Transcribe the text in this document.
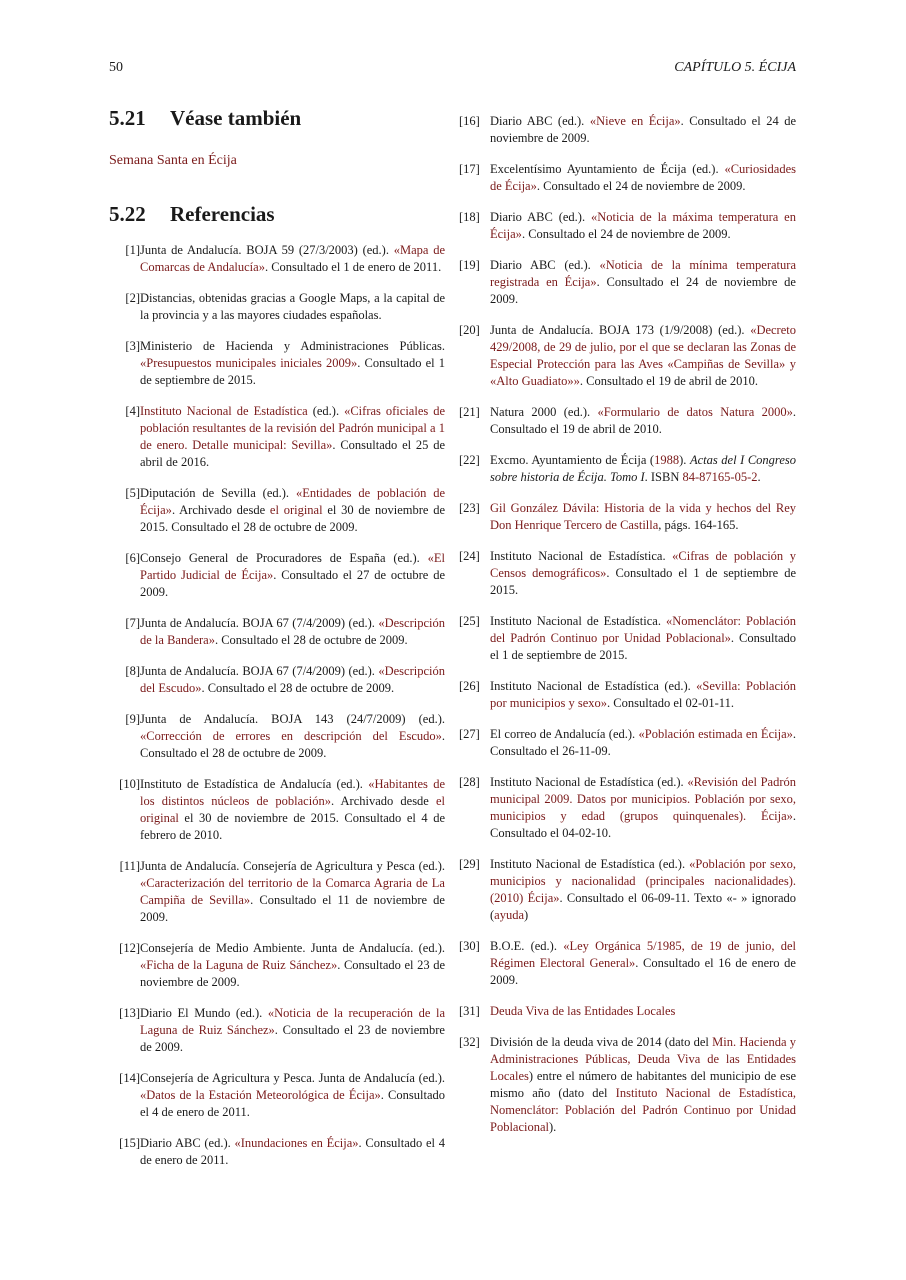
50	CAPÍTULO 5. ÉCIJA
5.21 Véase también
Semana Santa en Écija
5.22 Referencias
[1] Junta de Andalucía. BOJA 59 (27/3/2003) (ed.). «Mapa de Comarcas de Andalucía». Consultado el 1 de enero de 2011.
[2] Distancias, obtenidas gracias a Google Maps, a la capital de la provincia y a las mayores ciudades españolas.
[3] Ministerio de Hacienda y Administraciones Públicas. «Presupuestos municipales iniciales 2009». Consultado el 1 de septiembre de 2015.
[4] Instituto Nacional de Estadística (ed.). «Cifras oficiales de población resultantes de la revisión del Padrón municipal a 1 de enero. Detalle municipal: Sevilla». Consultado el 25 de abril de 2016.
[5] Diputación de Sevilla (ed.). «Entidades de población de Écija». Archivado desde el original el 30 de noviembre de 2015. Consultado el 28 de octubre de 2009.
[6] Consejo General de Procuradores de España (ed.). «El Partido Judicial de Écija». Consultado el 27 de octubre de 2009.
[7] Junta de Andalucía. BOJA 67 (7/4/2009) (ed.). «Descripción de la Bandera». Consultado el 28 de octubre de 2009.
[8] Junta de Andalucía. BOJA 67 (7/4/2009) (ed.). «Descripción del Escudo». Consultado el 28 de octubre de 2009.
[9] Junta de Andalucía. BOJA 143 (24/7/2009) (ed.). «Corrección de errores en descripción del Escudo». Consultado el 28 de octubre de 2009.
[10] Instituto de Estadística de Andalucía (ed.). «Habitantes de los distintos núcleos de población». Archivado desde el original el 30 de noviembre de 2015. Consultado el 4 de febrero de 2010.
[11] Junta de Andalucía. Consejería de Agricultura y Pesca (ed.). «Caracterización del territorio de la Comarca Agraria de La Campiña de Sevilla». Consultado el 11 de noviembre de 2009.
[12] Consejería de Medio Ambiente. Junta de Andalucía. (ed.). «Ficha de la Laguna de Ruiz Sánchez». Consultado el 23 de noviembre de 2009.
[13] Diario El Mundo (ed.). «Noticia de la recuperación de la Laguna de Ruiz Sánchez». Consultado el 23 de noviembre de 2009.
[14] Consejería de Agricultura y Pesca. Junta de Andalucía (ed.). «Datos de la Estación Meteorológica de Écija». Consultado el 4 de enero de 2011.
[15] Diario ABC (ed.). «Inundaciones en Écija». Consultado el 4 de enero de 2011.
[16] Diario ABC (ed.). «Nieve en Écija». Consultado el 24 de noviembre de 2009.
[17] Excelentísimo Ayuntamiento de Écija (ed.). «Curiosidades de Écija». Consultado el 24 de noviembre de 2009.
[18] Diario ABC (ed.). «Noticia de la máxima temperatura en Écija». Consultado el 24 de noviembre de 2009.
[19] Diario ABC (ed.). «Noticia de la mínima temperatura registrada en Écija». Consultado el 24 de noviembre de 2009.
[20] Junta de Andalucía. BOJA 173 (1/9/2008) (ed.). «Decreto 429/2008, de 29 de julio, por el que se declaran las Zonas de Especial Protección para las Aves «Campiñas de Sevilla» y «Alto Guadiato»». Consultado el 19 de abril de 2010.
[21] Natura 2000 (ed.). «Formulario de datos Natura 2000». Consultado el 19 de abril de 2010.
[22] Excmo. Ayuntamiento de Écija (1988). Actas del I Congreso sobre historia de Écija. Tomo I. ISBN 84-87165-05-2.
[23] Gil González Dávila: Historia de la vida y hechos del Rey Don Henrique Tercero de Castilla, págs. 164-165.
[24] Instituto Nacional de Estadística. «Cifras de población y Censos demográficos». Consultado el 1 de septiembre de 2015.
[25] Instituto Nacional de Estadística. «Nomenclátor: Población del Padrón Continuo por Unidad Poblacional». Consultado el 1 de septiembre de 2015.
[26] Instituto Nacional de Estadística (ed.). «Sevilla: Población por municipios y sexo». Consultado el 02-01-11.
[27] El correo de Andalucía (ed.). «Población estimada en Écija». Consultado el 26-11-09.
[28] Instituto Nacional de Estadística (ed.). «Revisión del Padrón municipal 2009. Datos por municipios. Población por sexo, municipios y edad (grupos quinquenales). Écija». Consultado el 04-02-10.
[29] Instituto Nacional de Estadística (ed.). «Población por sexo, municipios y nacionalidad (principales nacionalidades). (2010) Écija». Consultado el 06-09-11. Texto «- » ignorado (ayuda)
[30] B.O.E. (ed.). «Ley Orgánica 5/1985, de 19 de junio, del Régimen Electoral General». Consultado el 16 de enero de 2009.
[31] Deuda Viva de las Entidades Locales
[32] División de la deuda viva de 2014 (dato del Min. Hacienda y Administraciones Públicas, Deuda Viva de las Entidades Locales) entre el número de habitantes del municipio de ese mismo año (dato del Instituto Nacional de Estadística, Nomenclátor: Población del Padrón Continuo por Unidad Poblacional).
